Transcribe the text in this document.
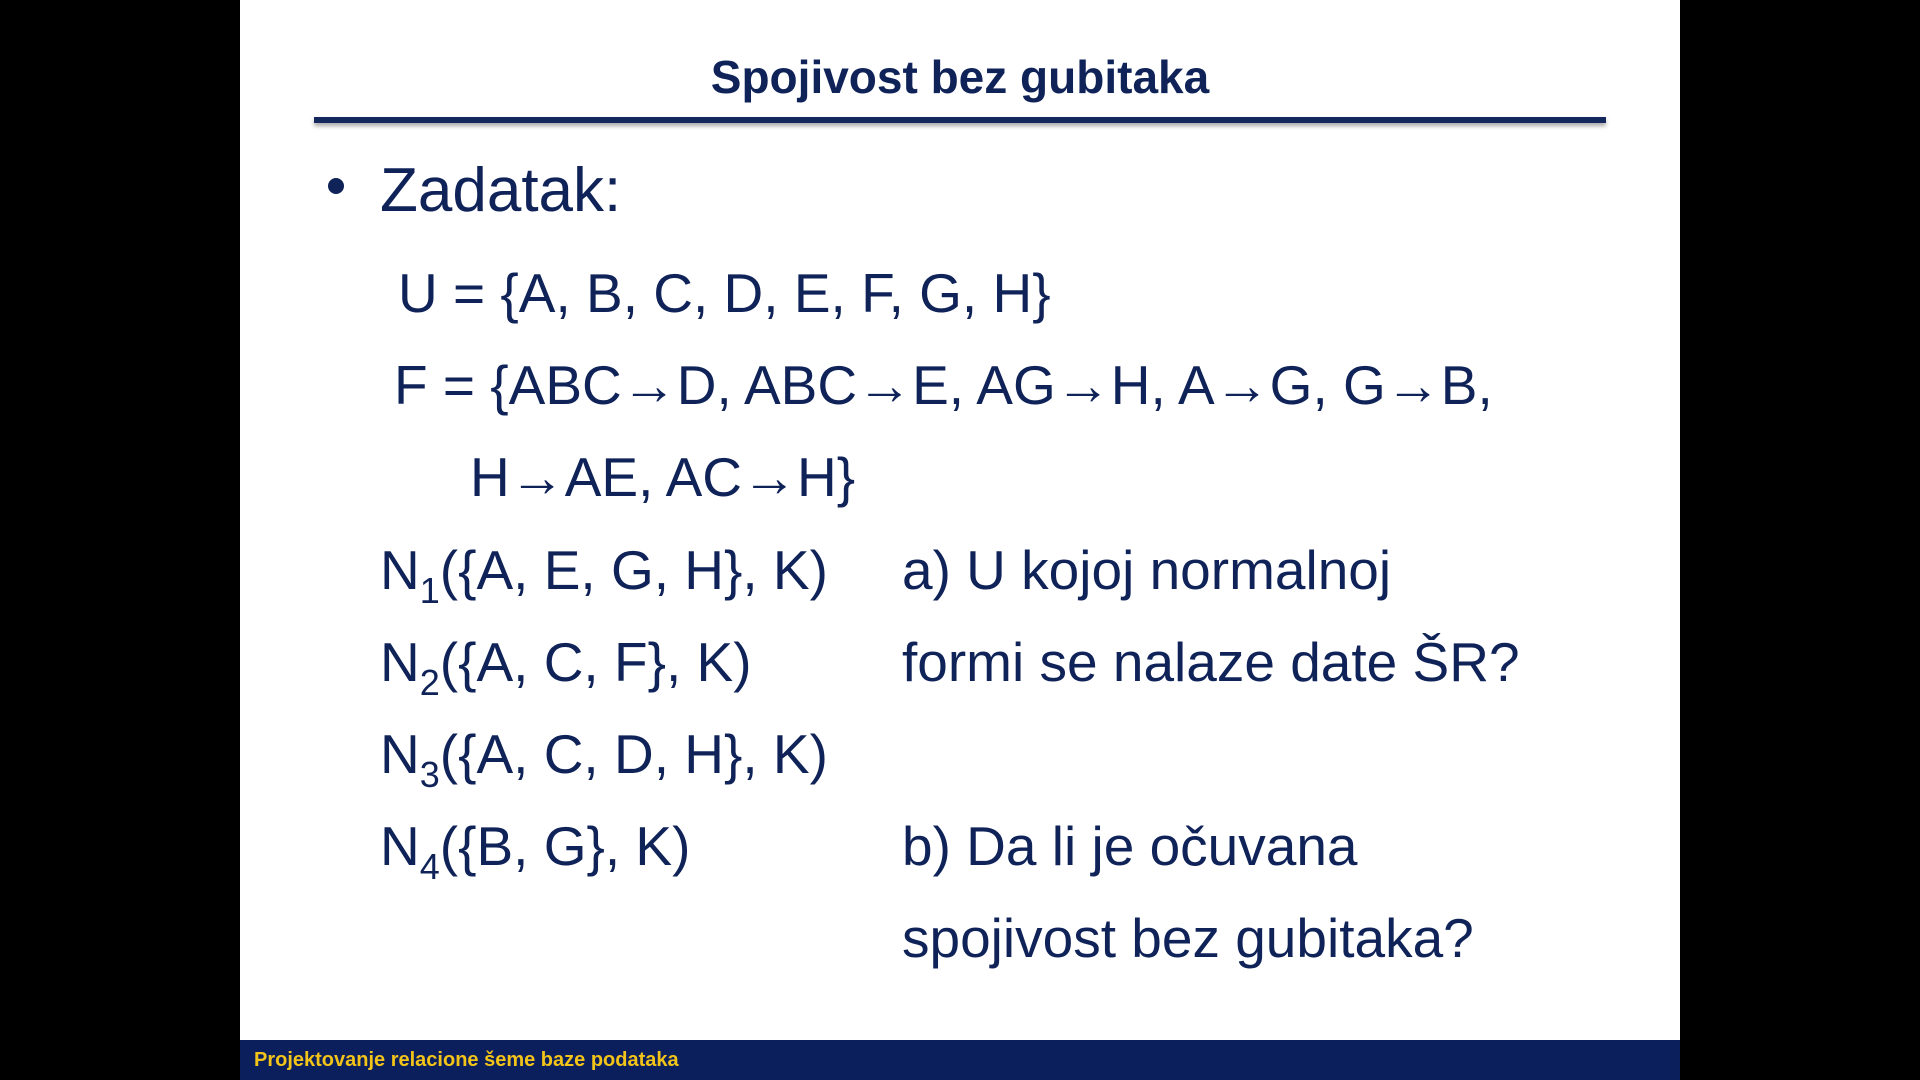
Spojivost bez gubitaka
Zadatak:
U = {A, B, C, D, E, F, G, H}
F = {ABC→D, ABC→E, AG→H, A→G, G→B,
H→AE, AC→H}
$N_1(\{A$, E, G, H}, K)
$N_2(\{A$, C, F}, K)
$N_3(\{A$, C, D, H}, K)
$N_4(\{B$, G}, K)
a) U kojoj normalnoj
formi se nalaze date ŠR?
b) Da li je očuvana
spojivost bez gubitaka?
Projektovanje relacione šeme baze podataka
